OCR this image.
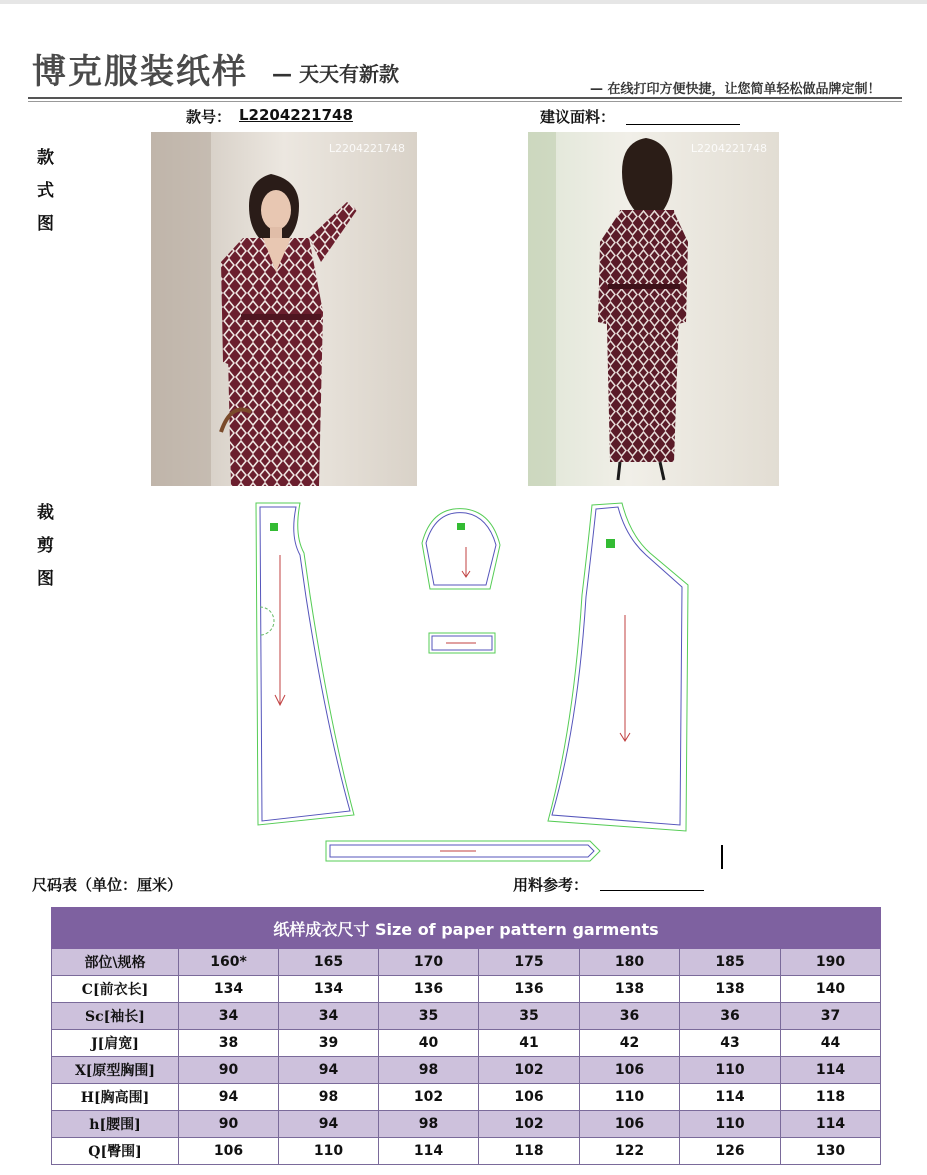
博克服装纸样 — 天天有新款
— 在线打印方便快捷，让您简单轻松做品牌定制！
款号： L2204221748	建议面料：
款
式
图
裁
剪
图
L2204221748	L2204221748
尺码表（单位：厘米）	用料参考：
纸样成衣尺寸 Size of paper pattern garments							
部位\规格	160*	165	170	175	180	185	190
C[前衣长]	134	134	136	136	138	138	140
Sc[袖长]	34	34	35	35	36	36	37
J[肩宽]	38	39	40	41	42	43	44
X[原型胸围]	90	94	98	102	106	110	114
H[胸高围]	94	98	102	106	110	114	118
h[腰围]	90	94	98	102	106	110	114
Q[臀围]	106	110	114	118	122	126	130
